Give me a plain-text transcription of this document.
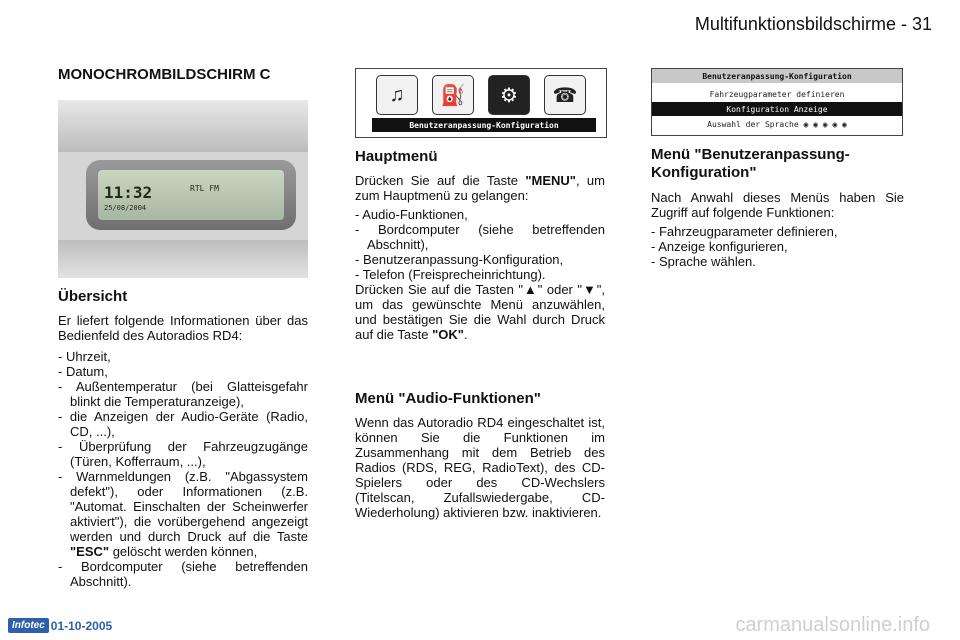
Multifunktionsbildschirme - 31
MONOCHROMBILDSCHIRM C
11:32
25/08/2004
RTL FM
Übersicht

Er liefert folgende Informationen über das Bedienfeld des Autoradios RD4:

- Uhrzeit,
- Datum,
- Außentemperatur (bei Glatteisgefahr blinkt die Temperaturanzeige),
- die Anzeigen der Audio-Geräte (Radio, CD, ...),
- Überprüfung der Fahrzeugzugänge (Türen, Kofferraum, ...),
- Warnmeldungen (z.B. "Abgassystem defekt"), oder Informationen (z.B. "Automat. Einschalten der Scheinwerfer aktiviert"), die vorübergehend angezeigt werden und durch Druck auf die Taste "ESC" gelöscht werden können,
- Bordcomputer (siehe betreffenden Abschnitt).
♫	⛽	⚙	☎
Benutzeranpassung-Konfiguration
Hauptmenü

Drücken Sie auf die Taste "MENU", um zum Hauptmenü zu gelangen:

- Audio-Funktionen,
- Bordcomputer (siehe betreffenden Abschnitt),
- Benutzeranpassung-Konfiguration,
- Telefon (Freisprecheinrichtung).

Drücken Sie auf die Tasten "▲" oder "▼", um das gewünschte Menü anzuwählen, und bestätigen Sie die Wahl durch Druck auf die Taste "OK".

Menü "Audio-Funktionen"

Wenn das Autoradio RD4 eingeschaltet ist, können Sie die Funktionen im Zusammenhang mit dem Betrieb des Radios (RDS, REG, RadioText), des CD-Spielers oder des CD-Wechslers (Titelscan, Zufallswiedergabe, CD-Wiederholung) aktivieren bzw. inaktivieren.

Benutzeranpassung-Konfiguration
Fahrzeugparameter definieren
Konfiguration Anzeige
Auswahl der Sprache
◉ ◉ ◉ ◉ ◉
Menü "Benutzeranpassung-Konfiguration"

Nach Anwahl dieses Menüs haben Sie Zugriff auf folgende Funktionen:

- Fahrzeugparameter definieren,
- Anzeige konfigurieren,
- Sprache wählen.
Infotec 01-10-2005	carmanualsonline.info
